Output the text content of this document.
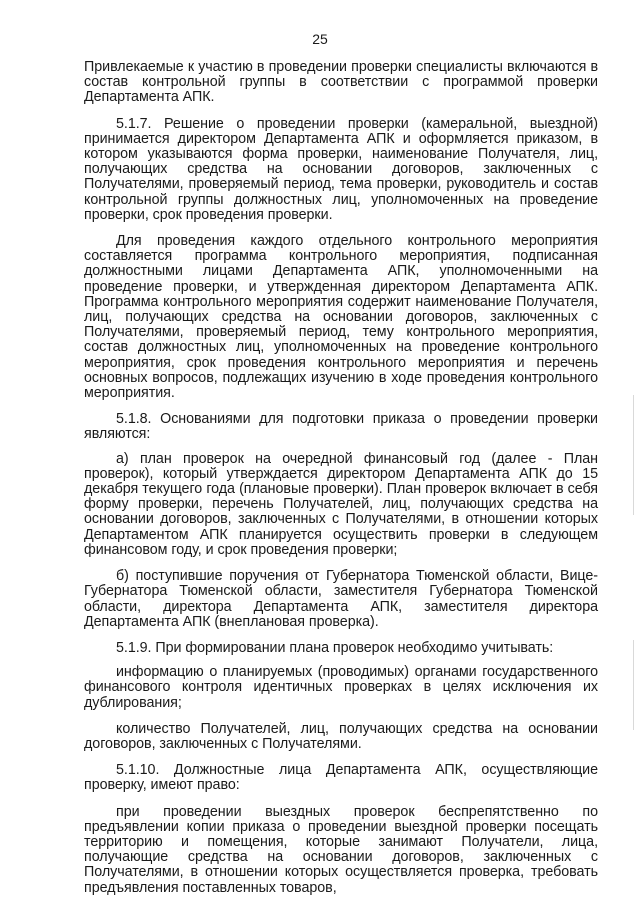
25

Привлекаемые к участию в проведении проверки специалисты включаются в состав контрольной группы в соответствии с программой проверки Департамента АПК.

5.1.7. Решение о проведении проверки (камеральной, выездной) принимается директором Департамента АПК и оформляется приказом, в котором указываются форма проверки, наименование Получателя, лиц, получающих средства на основании договоров, заключенных с Получателями, проверяемый период, тема проверки, руководитель и состав контрольной группы должностных лиц, уполномоченных на проведение проверки, срок проведения проверки.

Для проведения каждого отдельного контрольного мероприятия составляется программа контрольного мероприятия, подписанная должностными лицами Департамента АПК, уполномоченными на проведение проверки, и утвержденная директором Департамента АПК. Программа контрольного мероприятия содержит наименование Получателя, лиц, получающих средства на основании договоров, заключенных с Получателями, проверяемый период, тему контрольного мероприятия, состав должностных лиц, уполномоченных на проведение контрольного мероприятия, срок проведения контрольного мероприятия и перечень основных вопросов, подлежащих изучению в ходе проведения контрольного мероприятия.

5.1.8. Основаниями для подготовки приказа о проведении проверки являются:

а) план проверок на очередной финансовый год (далее - План проверок), который утверждается директором Департамента АПК до 15 декабря текущего года (плановые проверки). План проверок включает в себя форму проверки, перечень Получателей, лиц, получающих средства на основании договоров, заключенных с Получателями, в отношении которых Департаментом АПК планируется осуществить проверки в следующем финансовом году, и срок проведения проверки;

б) поступившие поручения от Губернатора Тюменской области, Вице-Губернатора Тюменской области, заместителя Губернатора Тюменской области, директора Департамента АПК, заместителя директора Департамента АПК (внеплановая проверка).

5.1.9. При формировании плана проверок необходимо учитывать:

информацию о планируемых (проводимых) органами государственного финансового контроля идентичных проверках в целях исключения их дублирования;

количество Получателей, лиц, получающих средства на основании договоров, заключенных с Получателями.

5.1.10. Должностные лица Департамента АПК, осуществляющие проверку, имеют право:

при проведении выездных проверок беспрепятственно по предъявлении копии приказа о проведении выездной проверки посещать территорию и помещения, которые занимают Получатели, лица, получающие средства на основании договоров, заключенных с Получателями, в отношении которых осуществляется проверка, требовать предъявления поставленных товаров,
